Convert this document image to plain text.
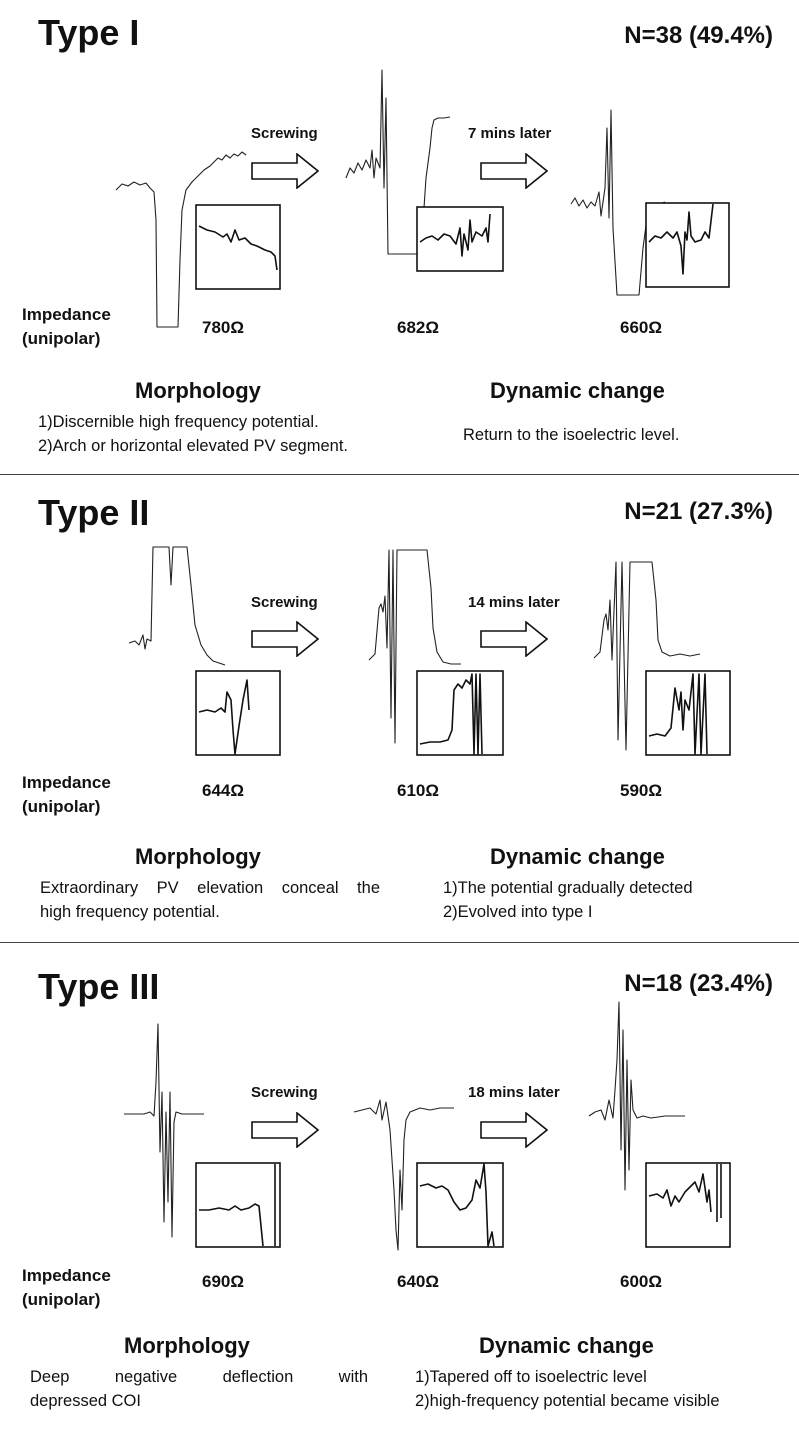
Type I	N=38 (49.4%)
Screwing	7 mins later
Impedance
(unipolar)
780Ω	682Ω	660Ω
Morphology
1)Discernible high frequency potential.
2)Arch or horizontal elevated PV segment.
Dynamic change
Return to the isoelectric level.
Type II	N=21 (27.3%)
Screwing	14 mins later
Impedance
(unipolar)
644Ω	610Ω	590Ω
Morphology
Extraordinary PV elevation conceal the
high frequency potential.
Dynamic change
1)The potential gradually detected
2)Evolved into type I
Type III	N=18 (23.4%)
Screwing	18 mins later
Impedance
(unipolar)
690Ω	640Ω	600Ω
Morphology
Deep negative deflection with
depressed COI
Dynamic change
1)Tapered off to isoelectric level
2)high-frequency potential became visible
